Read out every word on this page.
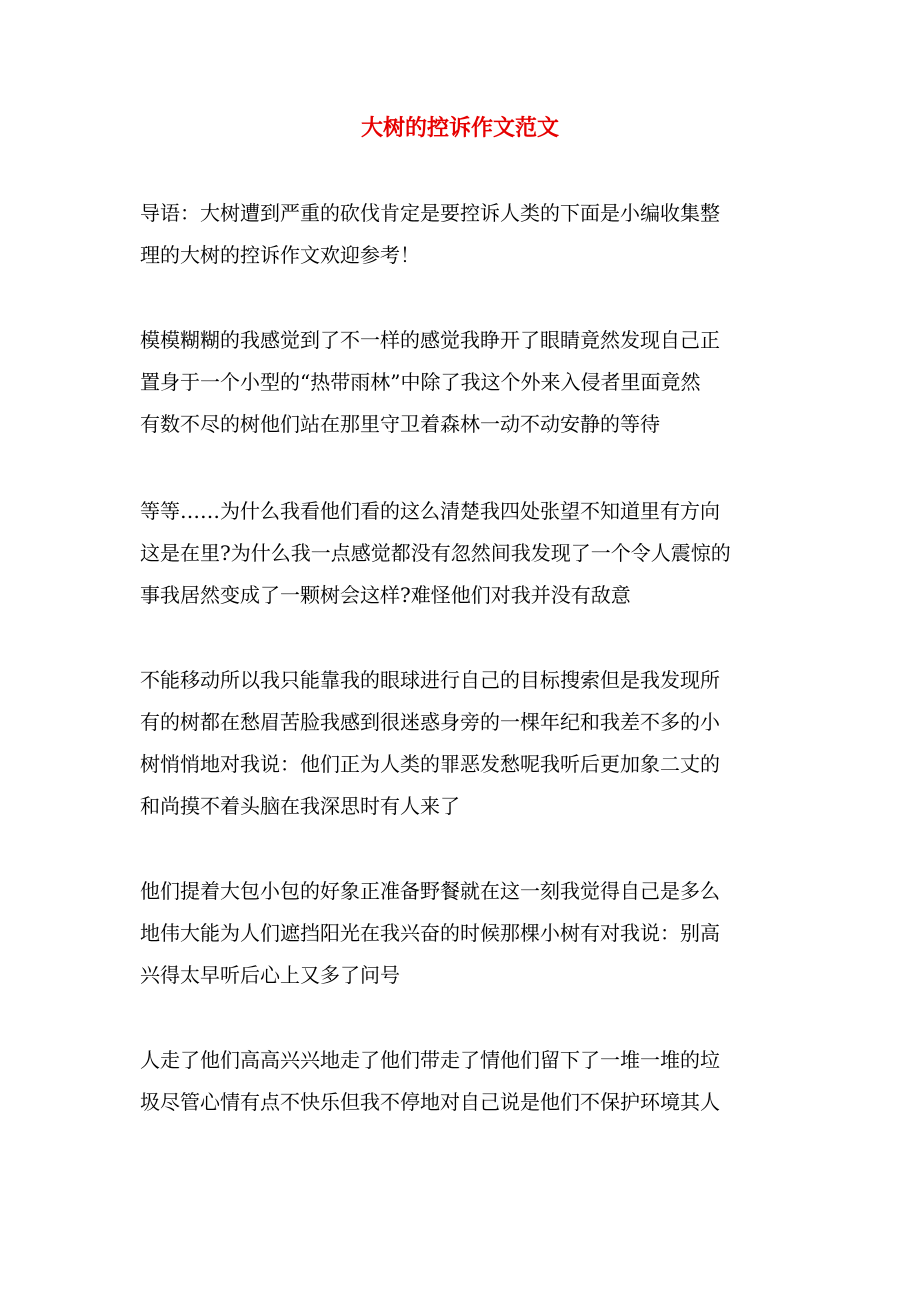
大树的控诉作文范文
导语：大树遭到严重的砍伐肯定是要控诉人类的下面是小编收集整
理的大树的控诉作文欢迎参考！
模模糊糊的我感觉到了不一样的感觉我睁开了眼睛竟然发现自己正
置身于一个小型的“热带雨林”中除了我这个外来入侵者里面竟然
有数不尽的树他们站在那里守卫着森林一动不动安静的等待
等等……为什么我看他们看的这么清楚我四处张望不知道里有方向
这是在里?为什么我一点感觉都没有忽然间我发现了一个令人震惊的
事我居然变成了一颗树会这样?难怪他们对我并没有敌意
不能移动所以我只能靠我的眼球进行自己的目标搜索但是我发现所
有的树都在愁眉苦脸我感到很迷惑身旁的一棵年纪和我差不多的小
树悄悄地对我说：他们正为人类的罪恶发愁呢我听后更加象二丈的
和尚摸不着头脑在我深思时有人来了
他们提着大包小包的好象正准备野餐就在这一刻我觉得自己是多么
地伟大能为人们遮挡阳光在我兴奋的时候那棵小树有对我说：别高
兴得太早听后心上又多了问号
人走了他们高高兴兴地走了他们带走了情他们留下了一堆一堆的垃
圾尽管心情有点不快乐但我不停地对自己说是他们不保护环境其人
